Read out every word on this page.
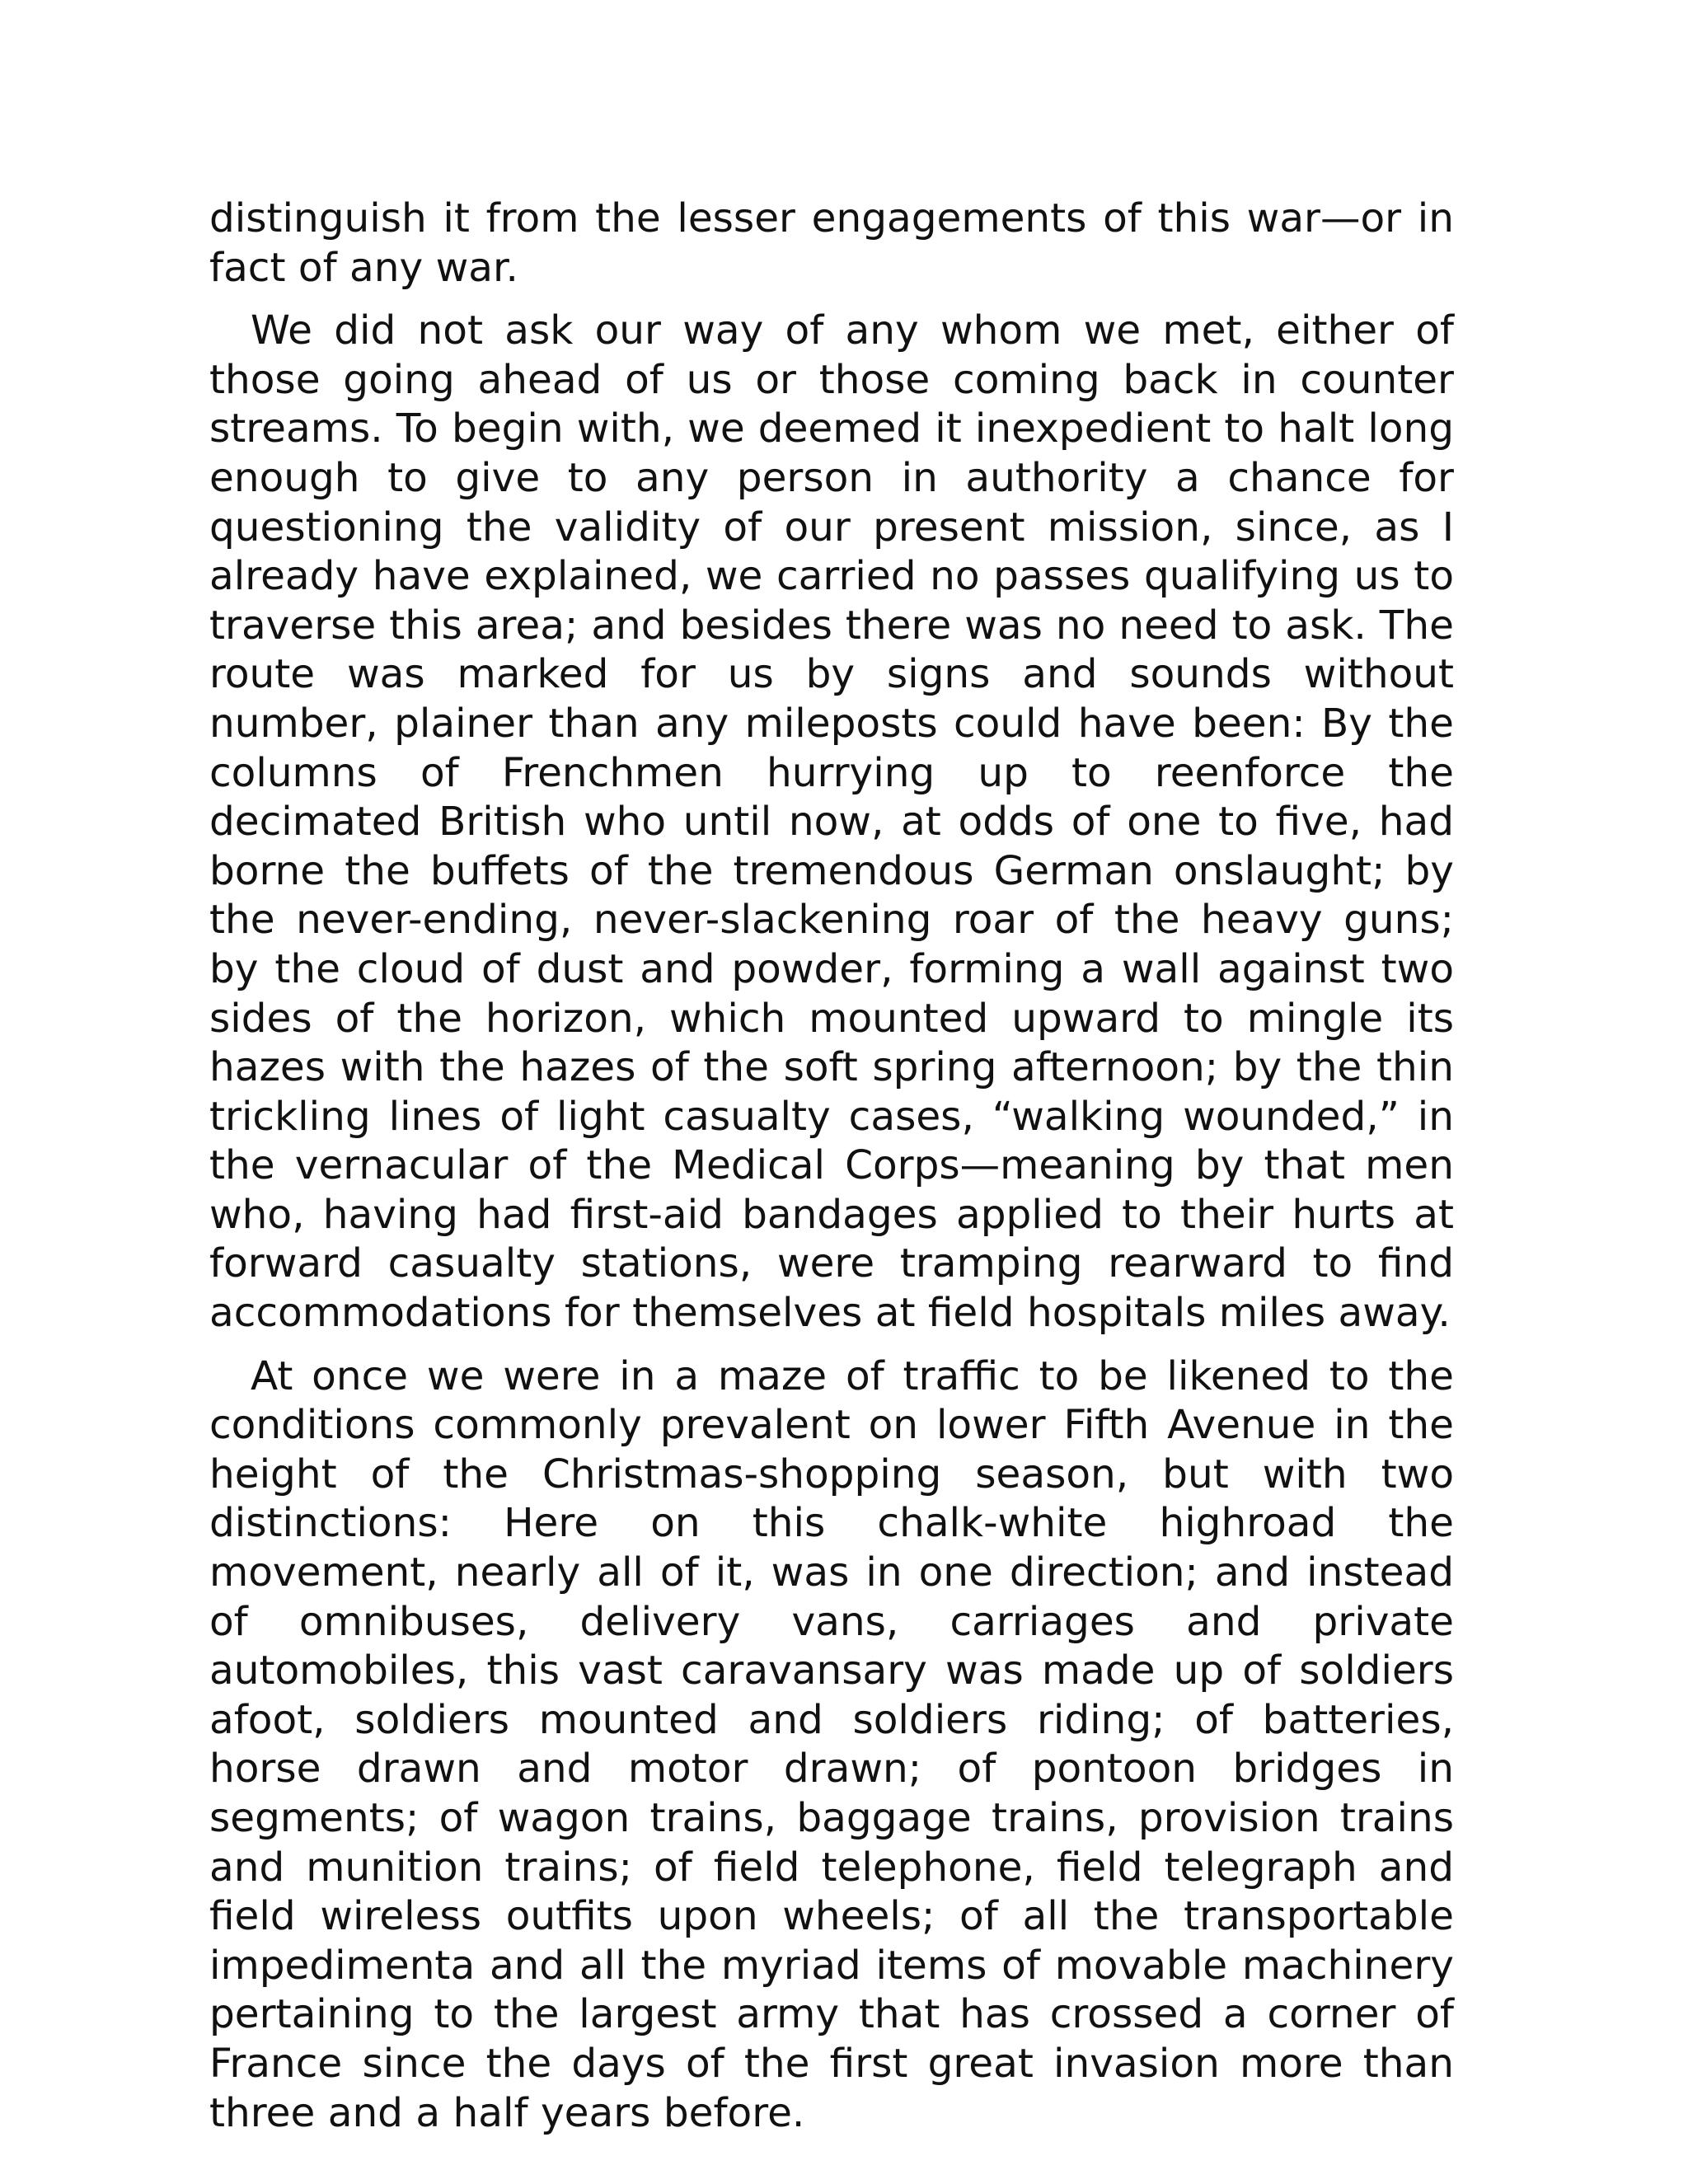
distinguish it from the lesser engagements of this war—or in fact of any war.

We did not ask our way of any whom we met, either of those going ahead of us or those coming back in counter streams. To begin with, we deemed it inexpedient to halt long enough to give to any person in authority a chance for questioning the validity of our present mission, since, as I already have explained, we carried no passes qualifying us to traverse this area; and besides there was no need to ask. The route was marked for us by signs and sounds without number, plainer than any mileposts could have been: By the columns of Frenchmen hurrying up to reenforce the decimated British who until now, at odds of one to five, had borne the buffets of the tremendous German onslaught; by the never-ending, never-slackening roar of the heavy guns; by the cloud of dust and powder, forming a wall against two sides of the horizon, which mounted upward to mingle its hazes with the hazes of the soft spring afternoon; by the thin trickling lines of light casualty cases, “walking wounded,” in the vernacular of the Medical Corps—meaning by that men who, having had first-aid bandages applied to their hurts at forward casualty stations, were tramping rearward to find accommodations for themselves at field hospitals miles away.

At once we were in a maze of traffic to be likened to the conditions commonly prevalent on lower Fifth Avenue in the height of the Christmas-shopping season, but with two distinctions: Here on this chalk-white highroad the movement, nearly all of it, was in one direction; and instead of omnibuses, delivery vans, carriages and private automobiles, this vast caravansary was made up of soldiers afoot, soldiers mounted and soldiers riding; of batteries, horse drawn and motor drawn; of pontoon bridges in segments; of wagon trains, baggage trains, provision trains and munition trains; of field telephone, field telegraph and field wireless outfits upon wheels; of all the transportable impedimenta and all the myriad items of movable machinery pertaining to the largest army that has crossed a corner of France since the days of the first great invasion more than three and a half years before.
